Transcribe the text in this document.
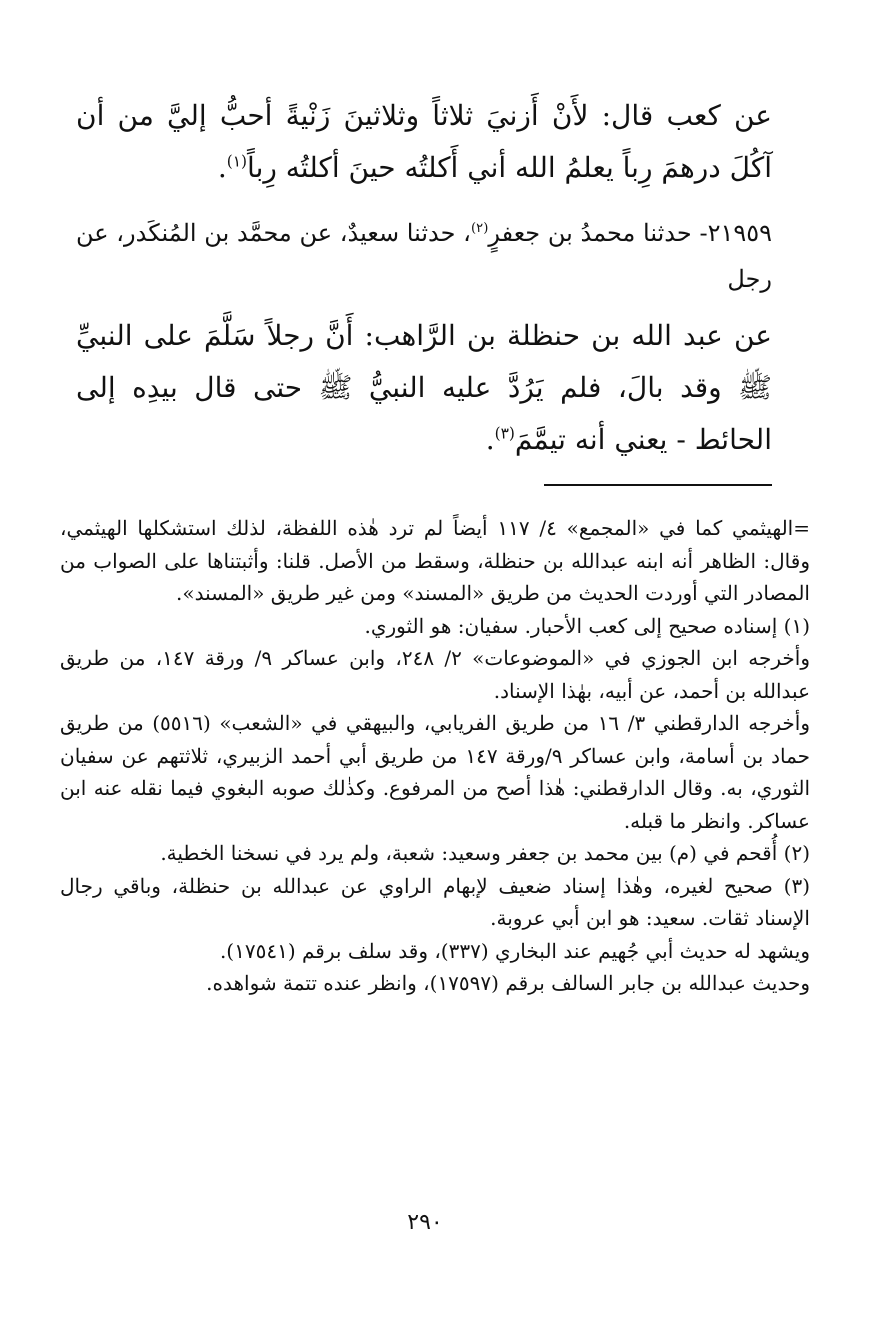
عن كعب قال: لأَنْ أَزنيَ ثلاثاً وثلاثينَ زَنْيةً أحبُّ إليَّ من أن آكُلَ درهمَ رِباً يعلمُ الله أني أَكلتُه حينَ أكلتُه رِباً$^{(١)}$.

٢١٩٥٩- حدثنا محمدُ بن جعفرٍ$^{(٢)}$، حدثنا سعيدٌ، عن محمَّد بن المُنكَدر، عن رجل

عن عبد الله بن حنظلة بن الرَّاهب: أَنَّ رجلاً سَلَّمَ على النبيِّ ﷺ وقد بالَ، فلم يَرُدَّ عليه النبيُّ ﷺ حتى قال بيدِه إلى الحائط - يعني أنه تيمَّمَ$^{(٣)}$.

=الهيثمي كما في «المجمع» ٤/ ١١٧ أيضاً لم ترد هٰذه اللفظة، لذلك استشكلها الهيثمي، وقال: الظاهر أنه ابنه عبدالله بن حنظلة، وسقط من الأصل. قلنا: وأثبتناها على الصواب من المصادر التي أوردت الحديث من طريق «المسند» ومن غير طريق «المسند».

(١) إسناده صحيح إلى كعب الأحبار. سفيان: هو الثوري.

وأخرجه ابن الجوزي في «الموضوعات» ٢/ ٢٤٨، وابن عساكر ٩/ ورقة ١٤٧، من طريق عبدالله بن أحمد، عن أبيه، بهٰذا الإسناد.

وأخرجه الدارقطني ٣/ ١٦ من طريق الفريابي، والبيهقي في «الشعب» (٥٥١٦) من طريق حماد بن أسامة، وابن عساكر ٩/ورقة ١٤٧ من طريق أبي أحمد الزبيري، ثلاثتهم عن سفيان الثوري، به. وقال الدارقطني: هٰذا أصح من المرفوع. وكذٰلك صوبه البغوي فيما نقله عنه ابن عساكر. وانظر ما قبله.

(٢) أُقحم في (م) بين محمد بن جعفر وسعيد: شعبة، ولم يرد في نسخنا الخطية.

(٣) صحيح لغيره، وهٰذا إسناد ضعيف لإبهام الراوي عن عبدالله بن حنظلة، وباقي رجال الإسناد ثقات. سعيد: هو ابن أبي عروبة.

ويشهد له حديث أبي جُهيم عند البخاري (٣٣٧)، وقد سلف برقم (١٧٥٤١).

وحديث عبدالله بن جابر السالف برقم (١٧٥٩٧)، وانظر عنده تتمة شواهده.

٢٩٠
